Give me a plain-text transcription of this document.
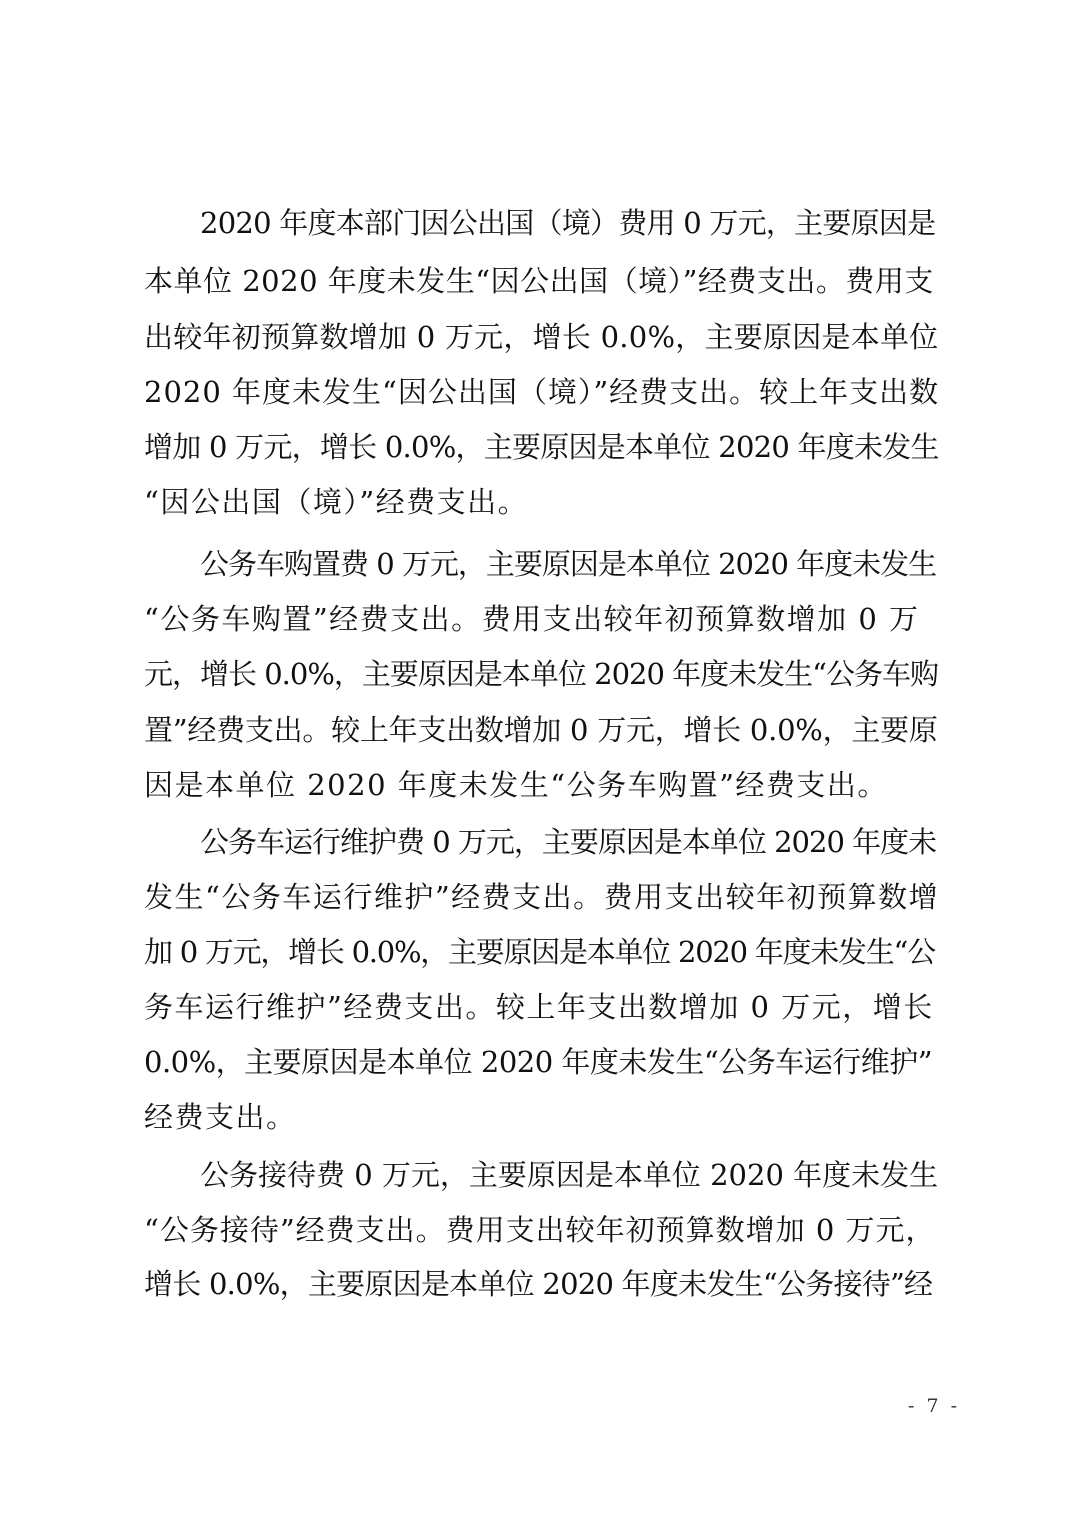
2020 年度本部门因公出国（境）费用 0 万元，主要原因是
本单位 2020 年度未发生“因公出国（境）”经费支出。费用支
出较年初预算数增加 0 万元，增长 0.0%，主要原因是本单位
2020 年度未发生“因公出国（境）”经费支出。较上年支出数
增加 0 万元，增长 0.0%，主要原因是本单位 2020 年度未发生
“因公出国（境）”经费支出。
公务车购置费 0 万元，主要原因是本单位 2020 年度未发生
“公务车购置”经费支出。费用支出较年初预算数增加 0 万
元，增长 0.0%，主要原因是本单位 2020 年度未发生“公务车购
置”经费支出。较上年支出数增加 0 万元，增长 0.0%，主要原
因是本单位 2020 年度未发生“公务车购置”经费支出。
公务车运行维护费 0 万元，主要原因是本单位 2020 年度未
发生“公务车运行维护”经费支出。费用支出较年初预算数增
加 0 万元，增长 0.0%，主要原因是本单位 2020 年度未发生“公
务车运行维护”经费支出。较上年支出数增加 0 万元，增长
0.0%，主要原因是本单位 2020 年度未发生“公务车运行维护”
经费支出。
公务接待费 0 万元，主要原因是本单位 2020 年度未发生
“公务接待”经费支出。费用支出较年初预算数增加 0 万元，
增长 0.0%，主要原因是本单位 2020 年度未发生“公务接待”经
- 7 -
